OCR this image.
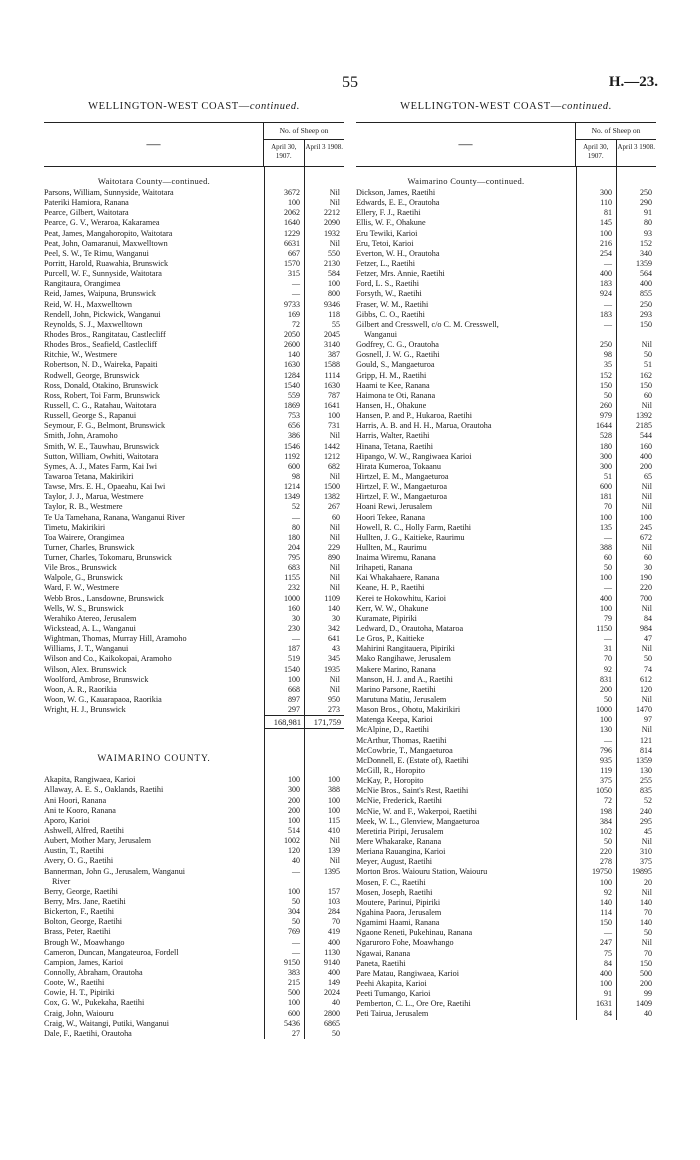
55	H.—23.
WELLINGTON-WEST COAST—continued.
—
No. of Sheep on
April 30, 1907.
April 3 1908.
Waitotara County—continued.
Parsons, William, Sunnyside, Waitotara	3672	Nil
Pateriki Hamiora, Ranana	100	Nil
Pearce, Gilbert, Waitotara	2062	2212
Pearce, G. V., Weraroa, Kakaramea	1640	2090
Peat, James, Mangahoropito, Waitotara	1229	1932
Peat, John, Oamaranui, Maxwelltown	6631	Nil
Peel, S. W., Te Rimu, Wanganui	667	550
Porritt, Harold, Ruawahia, Brunswick	1570	2130
Purcell, W. F., Sunnyside, Waitotara	315	584
Rangitaura, Orangimea	—	100
Reid, James, Waipuna, Brunswick	—	800
Reid, W. H., Maxwelltown	9733	9346
Rendell, John, Pickwick, Wanganui	169	118
Reynolds, S. J., Maxwelltown	72	55
Rhodes Bros., Rangitatau, Castlecliff	2050	2045
Rhodes Bros., Seafield, Castlecliff	2600	3140
Ritchie, W., Westmere	140	387
Robertson, N. D., Waireka, Papaiti	1630	1588
Rodwell, George, Brunswick	1284	1114
Ross, Donald, Otakino, Brunswick	1540	1630
Ross, Robert, Toi Farm, Brunswick	559	787
Russell, C. G., Ratahau, Waitotara	1869	1641
Russell, George S., Rapanui	753	100
Seymour, F. G., Belmont, Brunswick	656	731
Smith, John, Aramoho	386	Nil
Smith, W. E., Tauwhau, Brunswick	1546	1442
Sutton, William, Owhiti, Waitotara	1192	1212
Symes, A. J., Mates Farm, Kai Iwi	600	682
Tawaroa Tetana, Makirikiri	98	Nil
Tawse, Mrs. E. H., Opaeahu, Kai Iwi	1214	1500
Taylor, J. J., Marua, Westmere	1349	1382
Taylor, R. B., Westmere	52	267
Te Ua Tamehana, Ranana, Wanganui River	—	60
Timetu, Makirikiri	80	Nil
Toa Wairere, Orangimea	180	Nil
Turner, Charles, Brunswick	204	229
Turner, Charles, Tokomaru, Brunswick	795	890
Vile Bros., Brunswick	683	Nil
Walpole, G., Brunswick	1155	Nil
Ward, F. W., Westmere	232	Nil
Webb Bros., Lansdowne, Brunswick	1000	1109
Wells, W. S., Brunswick	160	140
Werahiko Atereo, Jerusalem	30	30
Wickstead, A. L., Wanganui	230	342
Wightman, Thomas, Murray Hill, Aramoho	—	641
Williams, J. T., Wanganui	187	43
Wilson and Co., Kaikokopai, Aramoho	519	345
Wilson, Alex. Brunswick	1540	1935
Woolford, Ambrose, Brunswick	100	Nil
Woon, A. R., Raorikia	668	Nil
Woon, W. G., Kauarapaoa, Raorikia	897	950
Wright, H. J., Brunswick	297	273
168,981	171,759
WAIMARINO COUNTY.
Akapita, Rangiwaea, Karioi	100	100
Allaway, A. E. S., Oaklands, Raetihi	300	388
Ani Hoori, Ranana	200	100
Ani te Kooro, Ranana	200	100
Aporo, Karioi	100	115
Ashwell, Alfred, Raetihi	514	410
Aubert, Mother Mary, Jerusalem	1002	Nil
Austin, T., Raetihi	120	139
Avery, O. G., Raetihi	40	Nil
Bannerman, John G., Jerusalem, Wanganui	—	1395
River
Berry, George, Raetihi	100	157
Berry, Mrs. Jane, Raetihi	50	103
Bickerton, F., Raetihi	304	284
Bolton, George, Raetihi	50	70
Brass, Peter, Raetihi	769	419
Brough W., Moawhango	—	400
Cameron, Duncan, Mangateuroa, Fordell	—	1130
Campion, James, Karioi	9150	9140
Connolly, Abraham, Orautoha	383	400
Coote, W., Raetihi	215	149
Cowie, H. T., Pipiriki	500	2024
Cox, G. W., Pukekaha, Raetihi	100	40
Craig, John, Waiouru	600	2800
Craig, W., Waitangi, Putiki, Wanganui	5436	6865
Dale, F., Raetihi, Orautoha	27	50
WELLINGTON-WEST COAST—continued.
—
No. of Sheep on
April 30, 1907.
April 3 1908.
Waimarino County—continued.
Dickson, James, Raetihi	300	250
Edwards, E. E., Orautoha	110	290
Ellery, F. J., Raetihi	81	91
Ellis, W. F., Ohakune	145	80
Eru Tewiki, Karioi	100	93
Eru, Tetoi, Karioi	216	152
Everton, W. H., Orautoha	254	340
Fetzer, L., Raetihi	—	1359
Fetzer, Mrs. Annie, Raetihi	400	564
Ford, L. S., Raetihi	183	400
Forsyth, W., Raetihi	924	855
Fraser, W. M., Raetihi	—	250
Gibbs, C. O., Raetihi	183	293
Gilbert and Cresswell, c/o C. M. Cresswell,	—	150
Wanganui
Godfrey, C. G., Orautoha	250	Nil
Gosnell, J. W. G., Raetihi	98	50
Gould, S., Mangaeturoa	35	51
Gripp, H. M., Raetihi	152	162
Haami te Kee, Ranana	150	150
Haimona te Oti, Ranana	50	60
Hansen, H., Ohakune	260	Nil
Hansen, P. and P., Hukaroa, Raetihi	979	1392
Harris, A. B. and H. H., Marua, Orautoha	1644	2185
Harris, Walter, Raetihi	528	544
Hinana, Tetana, Raetihi	180	160
Hipango, W. W., Rangiwaea Karioi	300	400
Hirata Kumeroa, Tokaanu	300	200
Hirtzel, E. M., Mangaeturoa	51	65
Hirtzel, F. W., Mangaeturoa	600	Nil
Hirtzel, F. W., Mangaeturoa	181	Nil
Hoani Rewi, Jerusalem	70	Nil
Hoori Tekee, Ranana	100	100
Howell, R. C., Holly Farm, Raetihi	135	245
Hullten, J. G., Kaitieke, Raurimu	—	672
Hullten, M., Raurimu	388	Nil
Inaima Wiremu, Ranana	60	60
Irihapeti, Ranana	50	30
Kai Whakahaere, Ranana	100	190
Keane, H. P., Raetihi	—	220
Kerei te Hokowhitu, Karioi	400	700
Kerr, W. W., Ohakune	100	Nil
Kuramate, Pipiriki	79	84
Ledward, D., Orautoha, Mataroa	1150	984
Le Gros, P., Kaitieke	—	47
Mahirini Rangitauera, Pipiriki	31	Nil
Mako Rangihawe, Jerusalem	70	50
Makere Marino, Ranana	92	74
Manson, H. J. and A., Raetihi	831	612
Marino Parsone, Raetihi	200	120
Marutuna Matiu, Jerusalem	50	Nil
Mason Bros., Ohotu, Makirikiri	1000	1470
Matenga Keepa, Karioi	100	97
McAlpine, D., Raetihi	130	Nil
McArthur, Thomas, Raetihi	—	121
McCowbrie, T., Mangaeturoa	796	814
McDonnell, E. (Estate of), Raetihi	935	1359
McGill, R., Horopito	119	130
McKay, P., Horopito	375	255
McNie Bros., Saint's Rest, Raetihi	1050	835
McNie, Frederick, Raetihi	72	52
McNie, W. and F., Wakerpoi, Raetihi	198	240
Meek, W. L., Glenview, Mangaeturoa	384	295
Meretiria Piripi, Jerusalem	102	45
Mere Whakarake, Ranana	50	Nil
Meriana Rauangina, Karioi	220	310
Meyer, August, Raetihi	278	375
Morton Bros. Waiouru Station, Waiouru	19750	19895
Mosen, F. C., Raetihi	100	20
Mosen, Joseph, Raetihi	92	Nil
Moutere, Parinui, Pipiriki	140	140
Ngahina Paora, Jerusalem	114	70
Ngamimi Haami, Ranana	150	140
Ngaone Reneti, Pukehinau, Ranana	—	50
Ngaruroro Fohe, Moawhango	247	Nil
Ngawai, Ranana	75	70
Paneta, Raetihi	84	150
Pare Matau, Rangiwaea, Karioi	400	500
Peehi Akapita, Karioi	100	200
Peeti Tumango, Karioi	91	99
Pemberton, C. L., Ore Ore, Raetihi	1631	1409
Peti Tairua, Jerusalem	84	40
